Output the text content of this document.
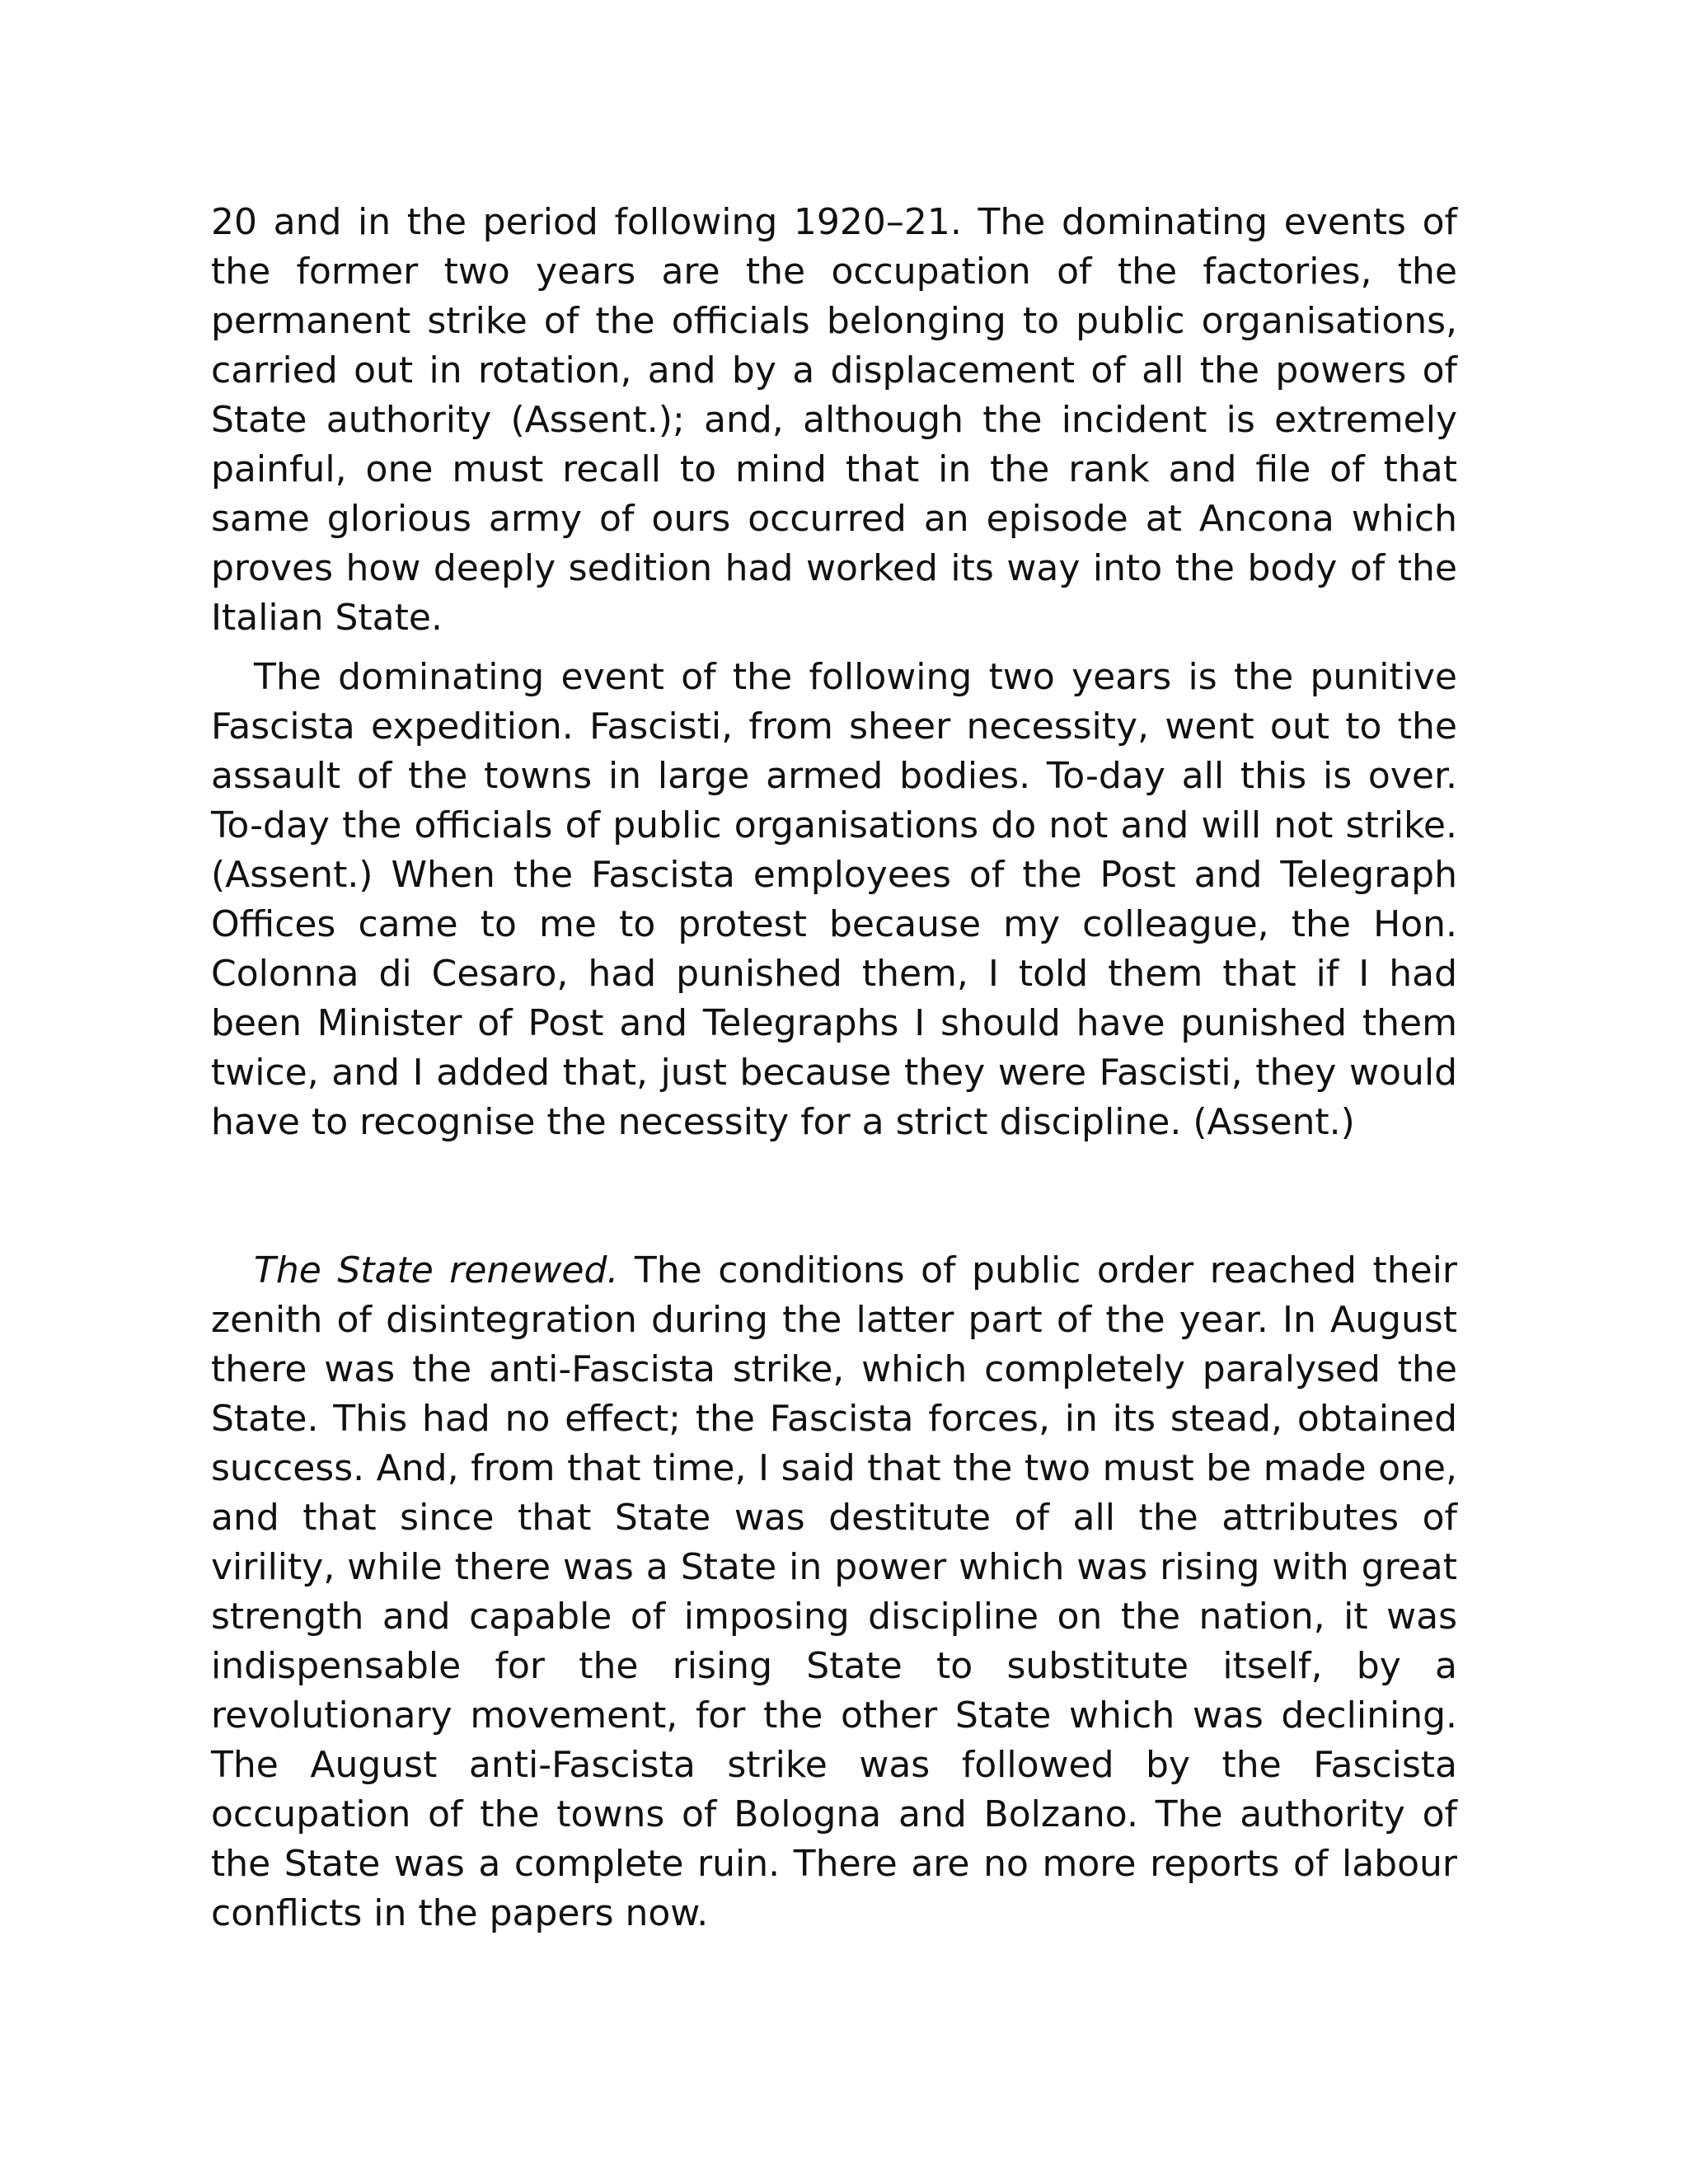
20 and in the period following 1920–21. The dominating events of the former two years are the occupation of the factories, the permanent strike of the officials belonging to public organisations, carried out in rotation, and by a displacement of all the powers of State authority (Assent.); and, although the incident is extremely painful, one must recall to mind that in the rank and file of that same glorious army of ours occurred an episode at Ancona which proves how deeply sedition had worked its way into the body of the Italian State.

The dominating event of the following two years is the punitive Fascista expedition. Fascisti, from sheer necessity, went out to the assault of the towns in large armed bodies. To-day all this is over. To-day the officials of public organisations do not and will not strike. (Assent.) When the Fascista employees of the Post and Telegraph Offices came to me to protest because my colleague, the Hon. Colonna di Cesaro, had punished them, I told them that if I had been Minister of Post and Telegraphs I should have punished them twice, and I added that, just because they were Fascisti, they would have to recognise the necessity for a strict discipline. (Assent.)

The State renewed. The conditions of public order reached their zenith of disintegration during the latter part of the year. In August there was the anti-Fascista strike, which completely paralysed the State. This had no effect; the Fascista forces, in its stead, obtained success. And, from that time, I said that the two must be made one, and that since that State was destitute of all the attributes of virility, while there was a State in power which was rising with great strength and capable of imposing discipline on the nation, it was indispensable for the rising State to substitute itself, by a revolutionary movement, for the other State which was declining. The August anti-Fascista strike was followed by the Fascista occupation of the towns of Bologna and Bolzano. The authority of the State was a complete ruin. There are no more reports of labour conflicts in the papers now.
